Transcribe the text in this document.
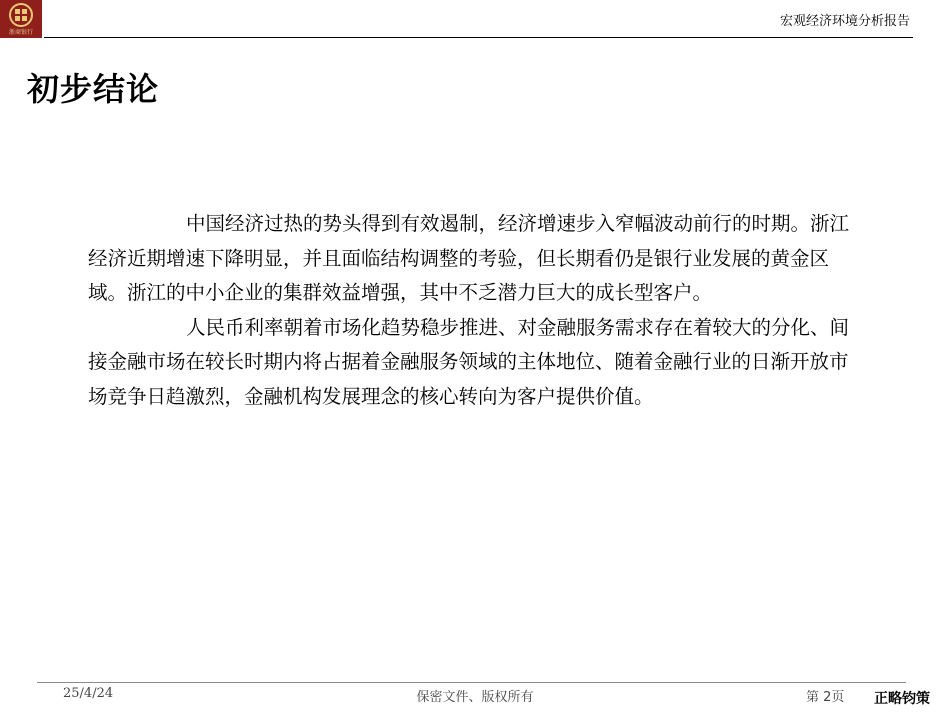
浙商银行
宏观经济环境分析报告
初步结论

中国经济过热的势头得到有效遏制，经济增速步入窄幅波动前行的时期。浙江经济近期增速下降明显，并且面临结构调整的考验，但长期看仍是银行业发展的黄金区域。浙江的中小企业的集群效益增强，其中不乏潜力巨大的成长型客户。

人民币利率朝着市场化趋势稳步推进、对金融服务需求存在着较大的分化、间接金融市场在较长时期内将占据着金融服务领域的主体地位、随着金融行业的日渐开放市场竞争日趋激烈，金融机构发展理念的核心转向为客户提供价值。

25/4/24	保密文件、版权所有	第 2页 正略钧策
